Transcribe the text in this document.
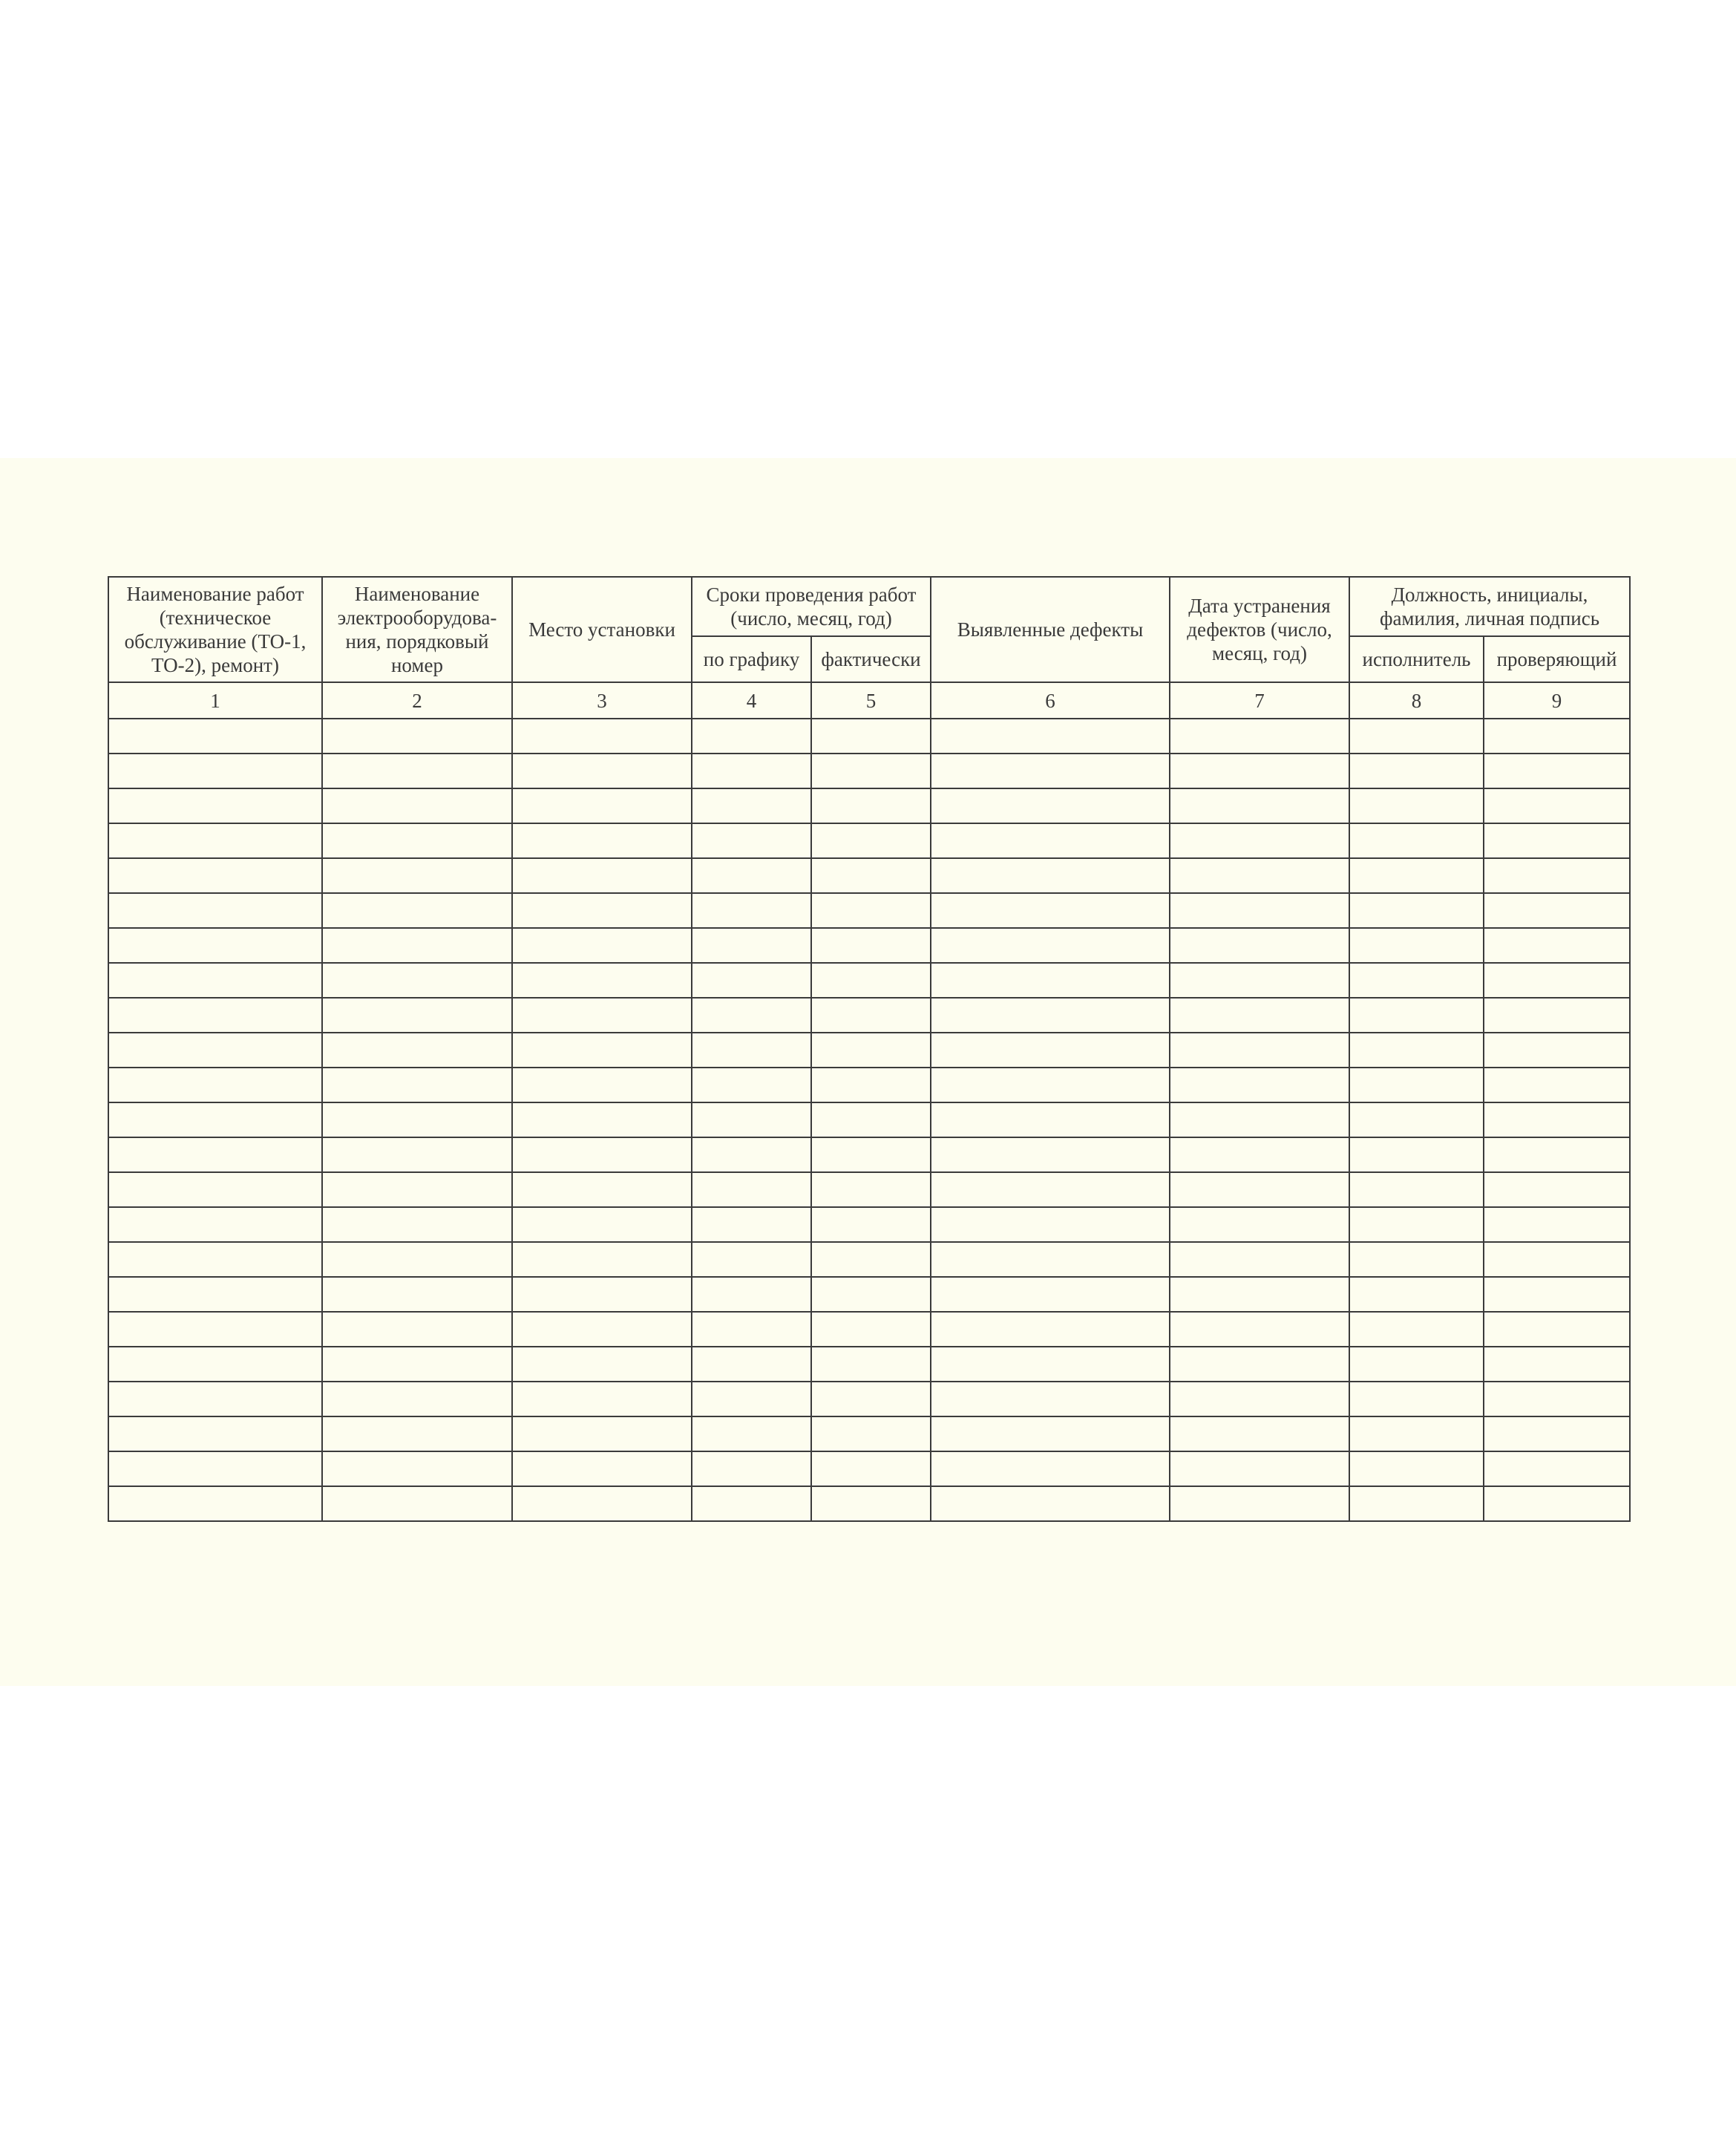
Наименование работ (техническое обслуживание (ТО-1, ТО-2), ремонт)	Наименование электрооборудова-ния, порядковый номер	Место установки	Сроки проведения работ (число, месяц, год)		Выявленные дефекты	Дата устранения дефектов (число, месяц, год)	Должность, инициалы, фамилия, личная подпись	
			по графику	фактически			исполнитель	проверяющий
1	2	3	4	5	6	7	8	9
